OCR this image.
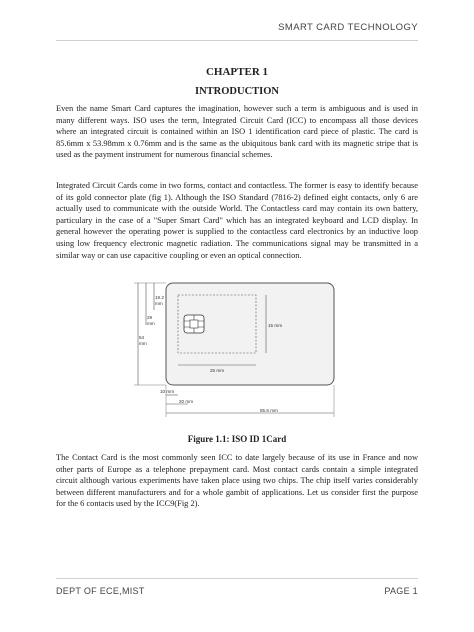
SMART CARD TECHNOLOGY
CHAPTER 1
INTRODUCTION

Even the name Smart Card captures the imagination, however such a term is ambiguous and is used in many different ways. ISO uses the term, Integrated Circuit Card (ICC) to encompass all those devices where an integrated circuit is contained within an ISO 1 identification card piece of plastic. The card is 85.6mm x 53.98mm x 0.76mm and is the same as the ubiquitous bank card with its magnetic stripe that is used as the payment instrument for numerous financial schemes.

Integrated Circuit Cards come in two forms, contact and contactless. The former is easy to identify because of its gold connector plate (fig 1). Although the ISO Standard (7816-2) defined eight contacts, only 6 are actually used to communicate with the outside World. The Contactless card may contain its own battery, particulary in the case of a "Super Smart Card" which has an integrated keyboard and LCD display. In general however the operating power is supplied to the contactless card electronics by an inductive loop using low frequency electronic magnetic radiation. The communications signal may be transmitted in a similar way or can use capacitive coupling or even an optical connection.

19.2
mm
29
mm
54
mm
15 mm
25 mm
10 mm
20 mm
85.6 mm
Figure 1.1: ISO ID 1Card

The Contact Card is the most commonly seen ICC to date largely because of its use in France and now other parts of Europe as a telephone prepayment card. Most contact cards contain a simple integrated circuit although various experiments have taken place using two chips. The chip itself varies considerably between different manufacturers and for a whole gambit of applications. Let us consider first the purpose for the 6 contacts used by the ICC9(Fig 2).

DEPT OF ECE,MIST	PAGE 1
